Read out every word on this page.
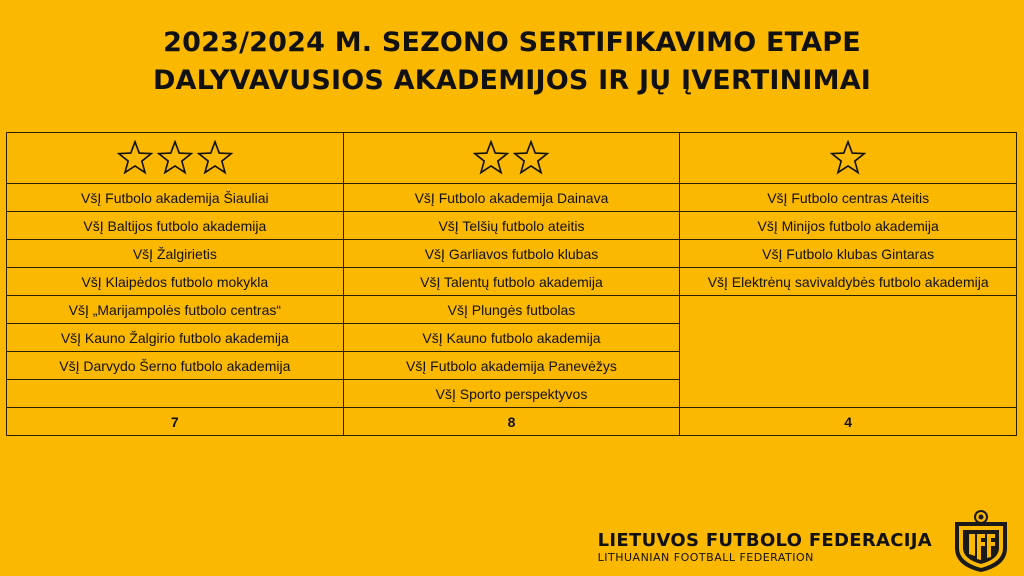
2023/2024 M. SEZONO SERTIFIKAVIMO ETAPE
DALYVAVUSIOS AKADEMIJOS IR JŲ ĮVERTINIMAI

VšĮ Futbolo akademija Šiauliai	VšĮ Futbolo akademija Dainava	VšĮ Futbolo centras Ateitis
VšĮ Baltijos futbolo akademija	VšĮ Telšių futbolo ateitis	VšĮ Minijos futbolo akademija
VšĮ Žalgirietis	VšĮ Garliavos futbolo klubas	VšĮ Futbolo klubas Gintaras
VšĮ Klaipėdos futbolo mokykla	VšĮ Talentų futbolo akademija	VšĮ Elektrėnų savivaldybės futbolo akademija
VšĮ „Marijampolės futbolo centras“	VšĮ Plungės futbolas	
VšĮ Kauno Žalgirio futbolo akademija	VšĮ Kauno futbolo akademija	
VšĮ Darvydo Šerno futbolo akademija	VšĮ Futbolo akademija Panevėžys	
	VšĮ Sporto perspektyvos	
7	8	4
LIETUVOS FUTBOLO FEDERACIJA
LITHUANIAN FOOTBALL FEDERATION
